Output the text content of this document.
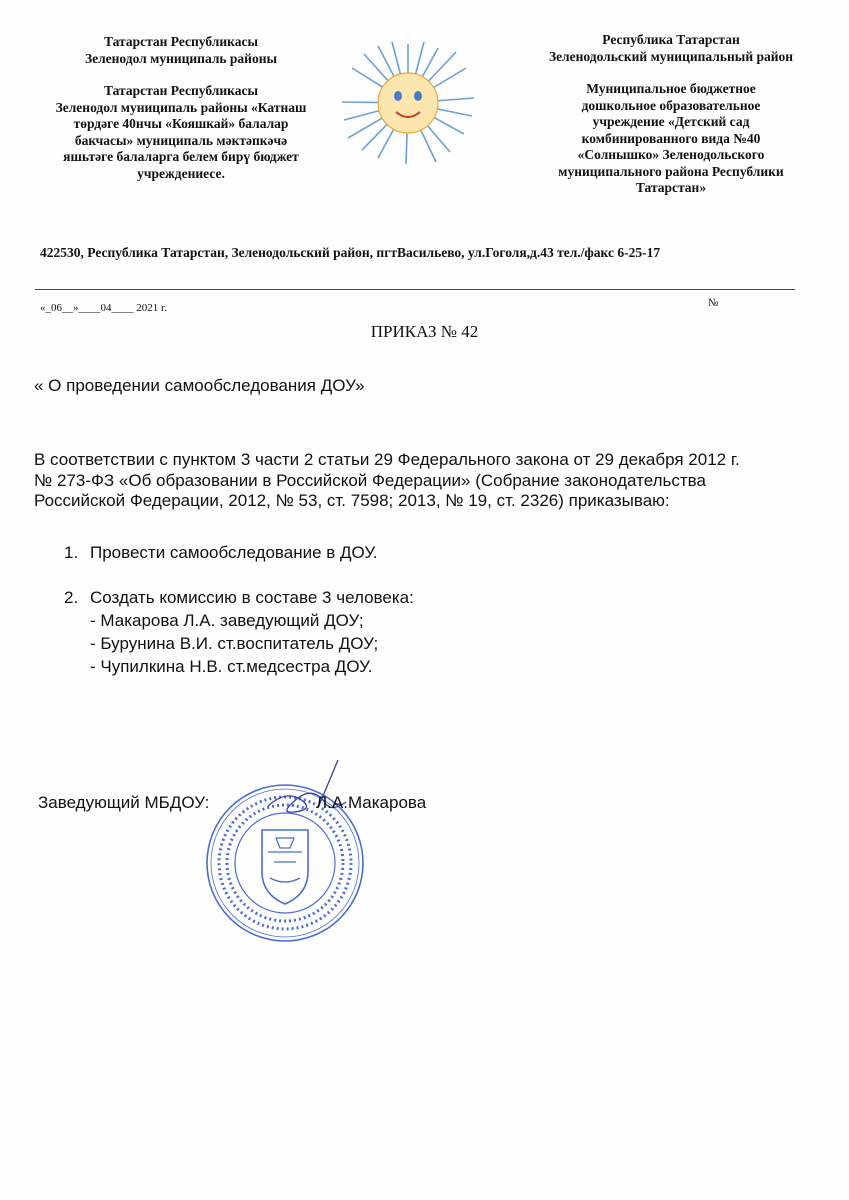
Татарстан Республикасы
Зеленодол муниципаль районы
Татарстан Республикасы
Зеленодол муниципаль районы «Катнаш
төрдәге 40нчы «Кояшкай» балалар
бакчасы» муниципаль мәктәпкәчә
яшьтәге балаларга белем бирү бюджет
учреждениесе.
Республика Татарстан
Зеленодольский муниципальный район
Муниципальное бюджетное
дошкольное образовательное
учреждение «Детский сад
комбинированного вида №40
«Солнышко» Зеленодольского
муниципального района Республики
Татарстан»
422530, Республика Татарстан, Зеленодольский район, пгтВасильево, ул.Гоголя,д.43 тел./факс 6-25-17
«_06__»____04____ 2021 г.	№
ПРИКАЗ № 42
« О проведении самообследования ДОУ»
В соответствии с пунктом 3 части 2 статьи 29 Федерального закона от 29 декабря 2012 г.
№ 273-ФЗ «Об образовании в Российской Федерации» (Собрание законодательства
Российской Федерации, 2012, № 53, ст. 7598; 2013, № 19, ст. 2326) приказываю:
1. Провести самообследование в ДОУ.
2. Создать комиссию в составе 3 человека:
- Макарова Л.А. заведующий ДОУ;
- Бурунина В.И. ст.воспитатель ДОУ;
- Чупилкина Н.В. ст.медсестра ДОУ.
Заведующий МБДОУ:	Л.А.Макарова
